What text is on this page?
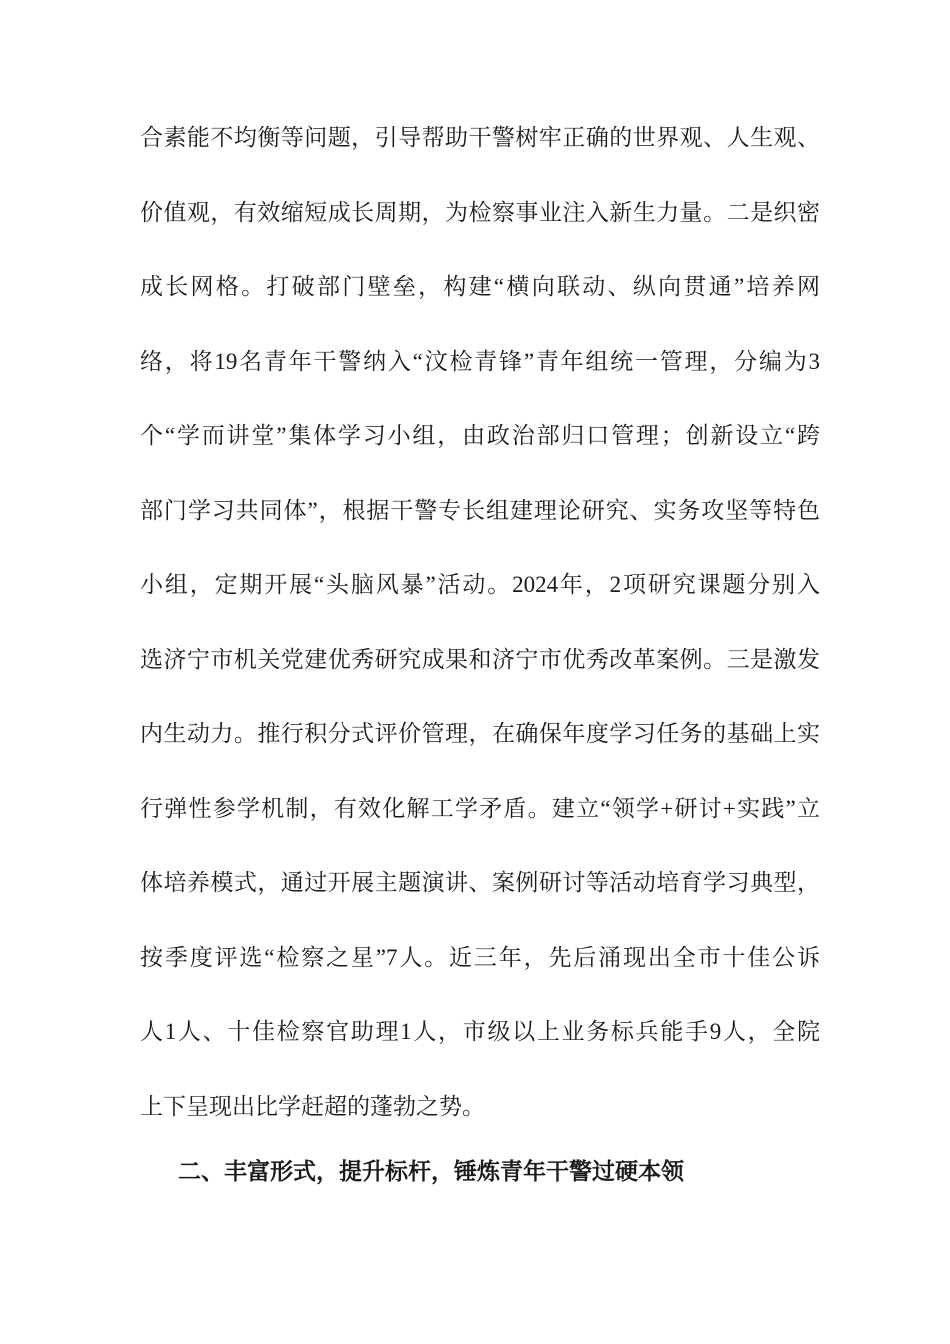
合素能不均衡等问题，引导帮助干警树牢正确的世界观、人生观、
价值观，有效缩短成长周期，为检察事业注入新生力量。二是织密
成长网格。打破部门壁垒，构建“横向联动、纵向贯通”培养网
络，将19名青年干警纳入“汶检青锋”青年组统一管理，分编为3
个“学而讲堂”集体学习小组，由政治部归口管理；创新设立“跨
部门学习共同体”，根据干警专长组建理论研究、实务攻坚等特色
小组，定期开展“头脑风暴”活动。2024年，2项研究课题分别入
选济宁市机关党建优秀研究成果和济宁市优秀改革案例。三是激发
内生动力。推行积分式评价管理，在确保年度学习任务的基础上实
行弹性参学机制，有效化解工学矛盾。建立“领学+研讨+实践”立
体培养模式，通过开展主题演讲、案例研讨等活动培育学习典型，
按季度评选“检察之星”7人。近三年，先后涌现出全市十佳公诉
人1人、十佳检察官助理1人，市级以上业务标兵能手9人，全院
上下呈现出比学赶超的蓬勃之势。
二、丰富形式，提升标杆，锤炼青年干警过硬本领
